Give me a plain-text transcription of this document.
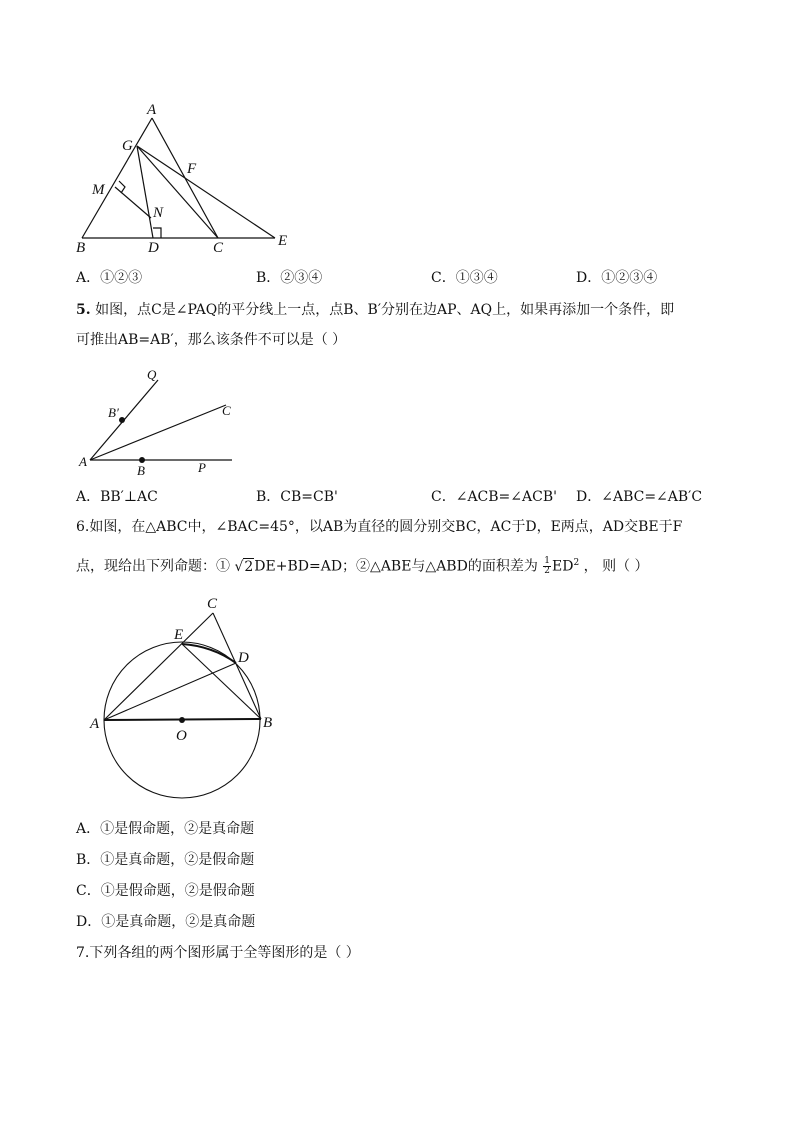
A
G
F
M
N
B	D	C	E
A．①②③	B．②③④	C．①③④	D．①②③④
5. 如图，点C是∠PAQ的平分线上一点，点B、B′分别在边AP、AQ上，如果再添加一个条件，即
可推出AB=AB′，那么该条件不可以是（ ）
Q
B′	C
A
B	P
A．BB′⊥AC	B．CB=CB'	C．∠ACB=∠ACB' D．∠ABC=∠AB′C
6.如图，在△ABC中，∠BAC=45°，以AB为直径的圆分别交BC，AC于D，E两点，AD交BE于F
点，现给出下列命题：① √2DE+BD=AD；②△ABE与△ABD的面积差为 $\frac{1}{2} ED^2$ ， 则（ ）
C
E
D
A
O
B
A．①是假命题，②是真命题
B．①是真命题，②是假命题
C．①是假命题，②是假命题
D．①是真命题，②是真命题
7.下列各组的两个图形属于全等图形的是（ ）
